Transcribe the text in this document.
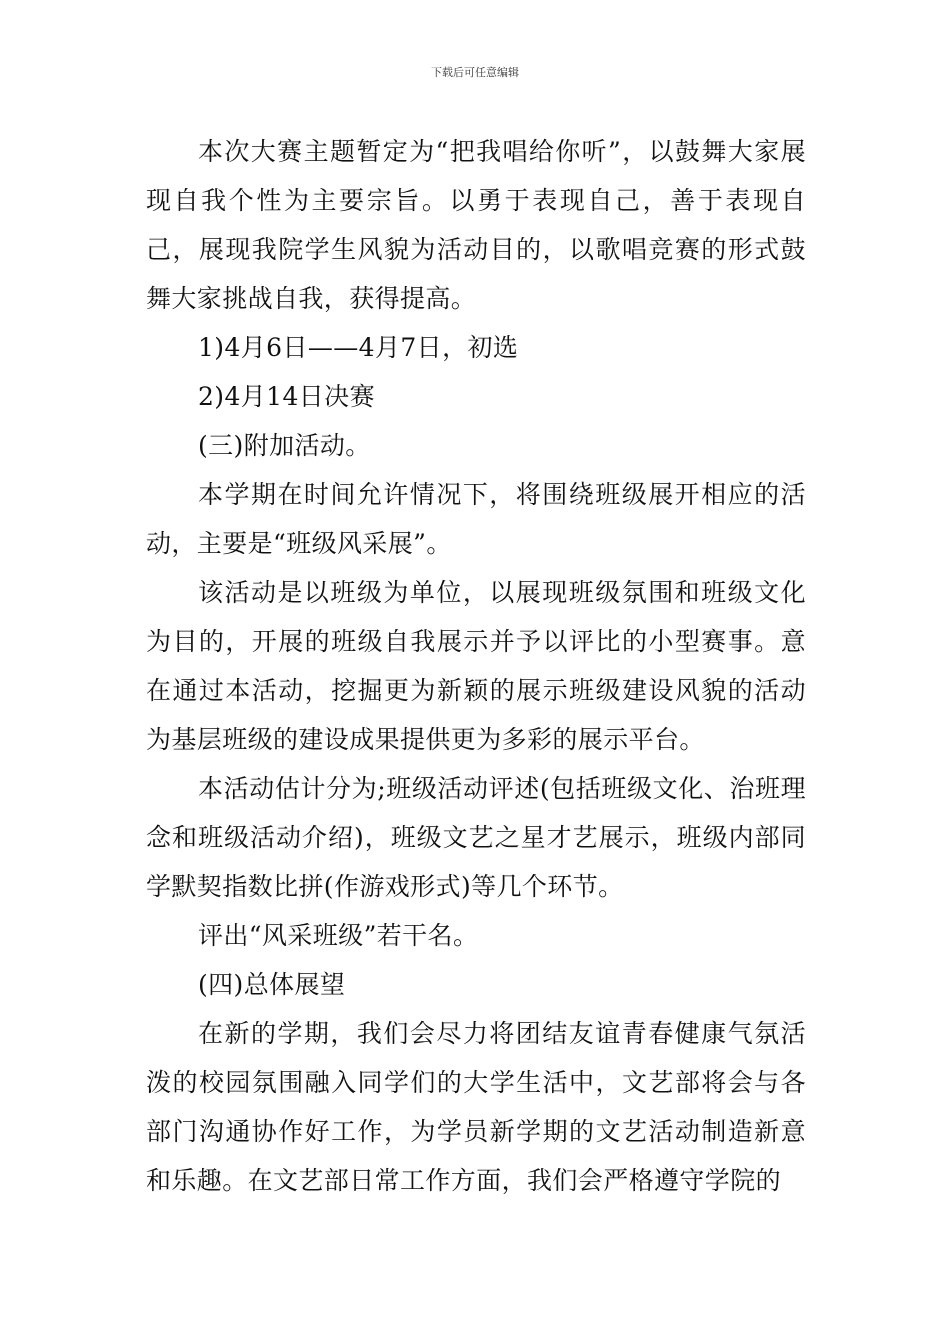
下载后可任意编辑

本次大赛主题暂定为“把我唱给你听”，以鼓舞大家展现自我个性为主要宗旨。以勇于表现自己，善于表现自己，展现我院学生风貌为活动目的，以歌唱竞赛的形式鼓舞大家挑战自我，获得提高。

1)4月6日——4月7日，初选

2)4月14日决赛

(三)附加活动。

本学期在时间允许情况下，将围绕班级展开相应的活动，主要是“班级风采展”。

该活动是以班级为单位，以展现班级氛围和班级文化为目的，开展的班级自我展示并予以评比的小型赛事。意在通过本活动，挖掘更为新颖的展示班级建设风貌的活动为基层班级的建设成果提供更为多彩的展示平台。

本活动估计分为;班级活动评述(包括班级文化、治班理念和班级活动介绍)，班级文艺之星才艺展示，班级内部同学默契指数比拼(作游戏形式)等几个环节。

评出“风采班级”若干名。

(四)总体展望

在新的学期，我们会尽力将团结友谊青春健康气氛活泼的校园氛围融入同学们的大学生活中，文艺部将会与各部门沟通协作好工作，为学员新学期的文艺活动制造新意和乐趣。在文艺部日常工作方面，我们会严格遵守学院的
